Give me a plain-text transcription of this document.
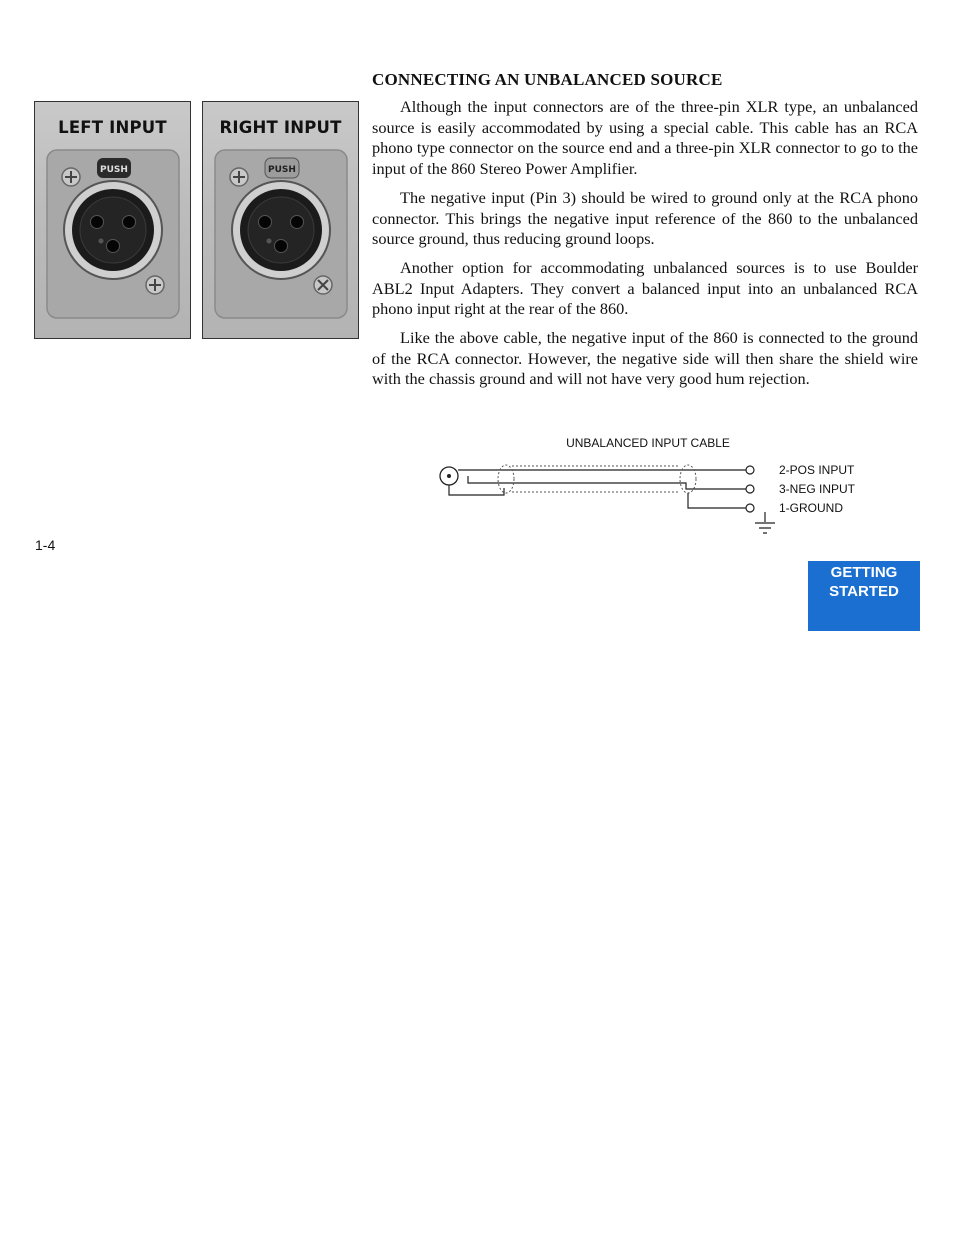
LEFT INPUT
PUSH
RIGHT INPUT
PUSH
CONNECTING AN UNBALANCED SOURCE

Although the input connectors are of the three-pin XLR type, an unbalanced source is easily accommodated by using a special cable. This cable has an RCA phono type connector on the source end and a three-pin XLR connector to go to the input of the 860 Stereo Power Amplifier.

The negative input (Pin 3) should be wired to ground only at the RCA phono connector. This brings the negative input reference of the 860 to the unbalanced source ground, thus reducing ground loops.

Another option for accommodating unbalanced sources is to use Boulder ABL2 Input Adapters. They convert a balanced input into an unbalanced RCA phono input right at the rear of the 860.

Like the above cable, the negative input of the 860 is connected to the ground of the RCA connector. However, the negative side will then share the shield wire with the chassis ground and will not have very good hum rejection.

UNBALANCED INPUT CABLE
2-POS INPUT
3-NEG INPUT
1-GROUND
1-4
GETTING
STARTED
